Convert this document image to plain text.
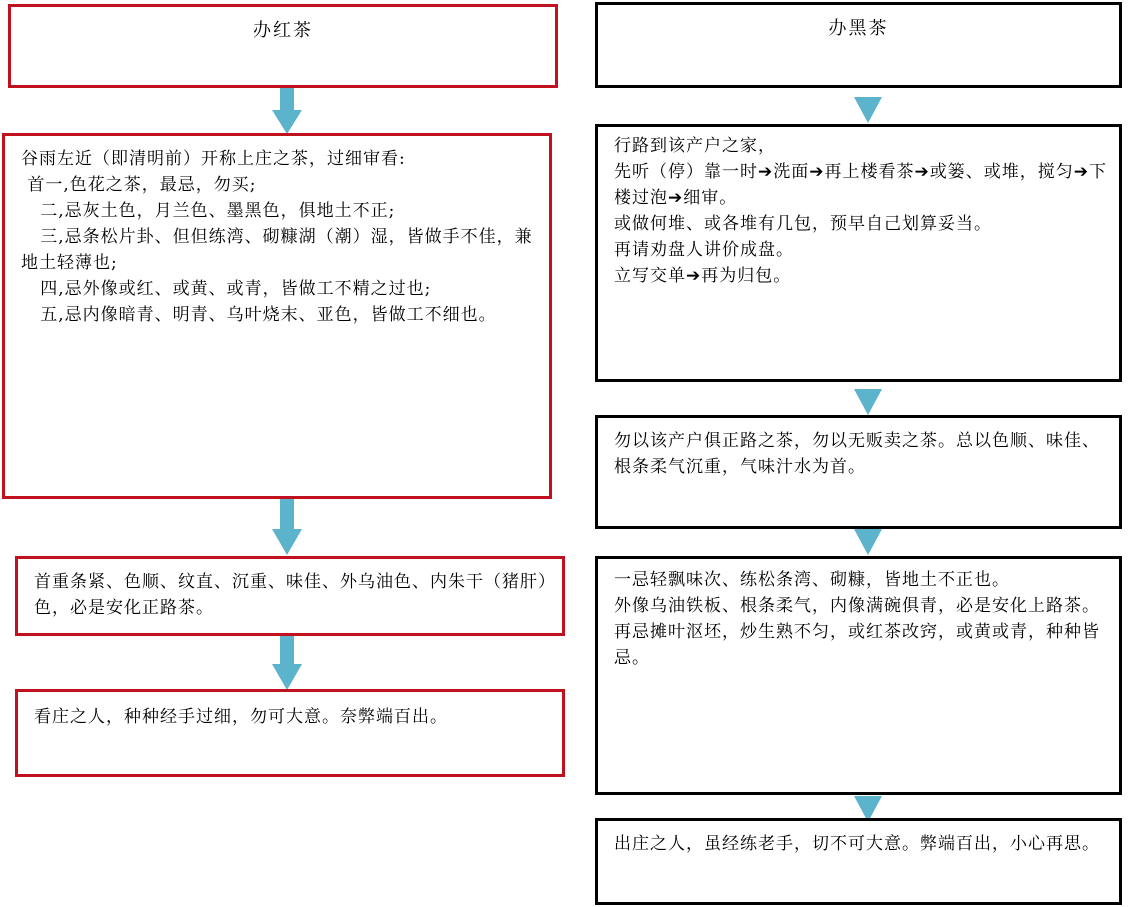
办红茶
谷雨左近（即清明前）开称上庄之茶，过细审看:
首一,色花之茶，最忌，勿买;
二,忌灰土色，月兰色、墨黑色，俱地土不正;
三,忌条松片卦、但但练湾、砌糠湖（潮）湿，皆做手不佳，兼地土轻薄也;
四,忌外像或红、或黄、或青，皆做工不精之过也;
五,忌内像暗青、明青、乌叶烧末、亚色，皆做工不细也。
首重条紧、色顺、纹直、沉重、味佳、外乌油色、内朱干（猪肝）色，必是安化正路茶。
看庄之人，种种经手过细，勿可大意。奈弊端百出。
办黑茶
行路到该产户之家，
先听（停）靠一时➔洗面➔再上楼看茶➔或篓、或堆，搅匀➔下楼过泡➔细审。
或做何堆、或各堆有几包，预早自己划算妥当。
再请劝盘人讲价成盘。
立写交单➔再为归包。
勿以该产户俱正路之茶，勿以无贩卖之茶。总以色顺、味佳、根条柔气沉重，气味汁水为首。
一忌轻飘味次、练松条湾、砌糠，皆地土不正也。
外像乌油铁板、根条柔气，内像满碗俱青，必是安化上路茶。
再忌摊叶沤坯，炒生熟不匀，或红茶改窍，或黄或青，种种皆忌。
出庄之人，虽经练老手，切不可大意。弊端百出，小心再思。
